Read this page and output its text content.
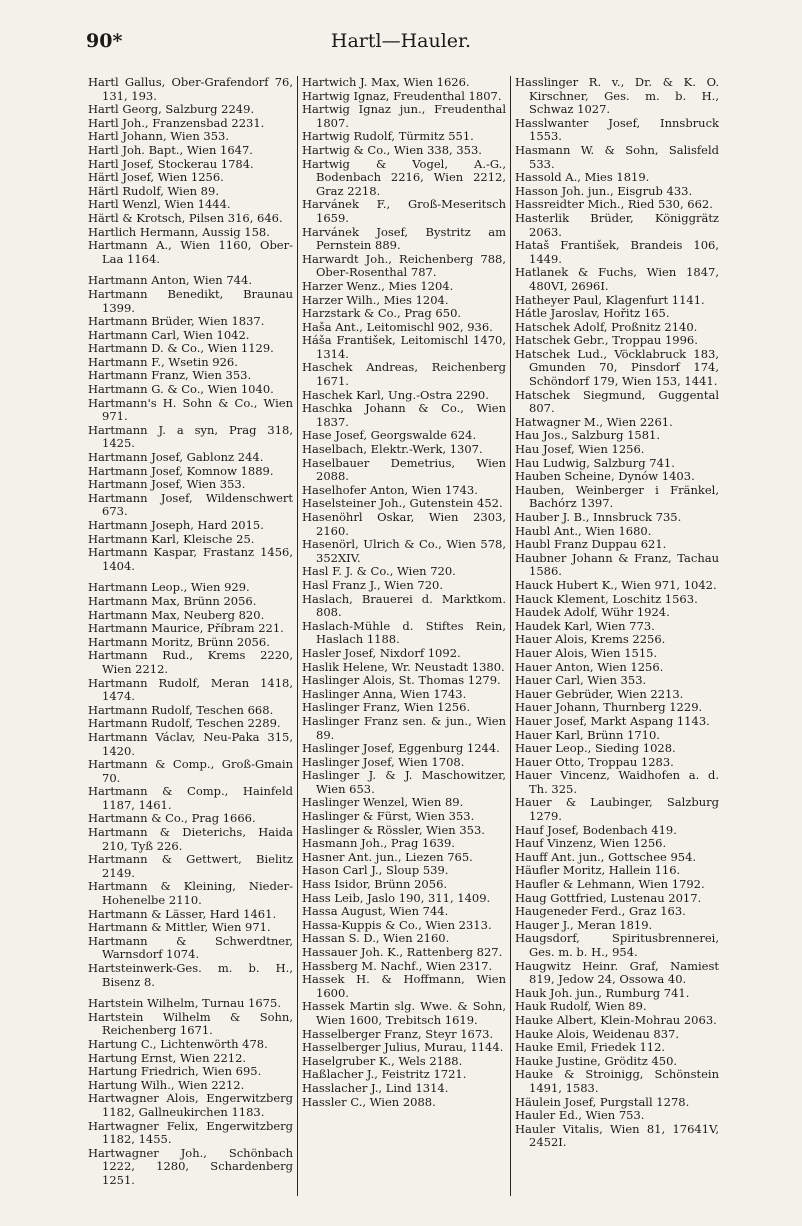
90*	Hartl—Hauler.

Hartl Gallus, Ober-Grafendorf 76, 131, 193.

Hartl Georg, Salzburg 2249.

Hartl Joh., Franzensbad 2231.

Hartl Johann, Wien 353.

Hartl Joh. Bapt., Wien 1647.

Hartl Josef, Stockerau 1784.

Härtl Josef, Wien 1256.

Härtl Rudolf, Wien 89.

Hartl Wenzl, Wien 1444.

Härtl & Krotsch, Pilsen 316, 646.

Hartlich Hermann, Aussig 158.

Hartmann A., Wien 1160, Ober-Laa 1164.

Hartmann Anton, Wien 744.

Hartmann Benedikt, Braunau 1399.

Hartmann Brüder, Wien 1837.

Hartmann Carl, Wien 1042.

Hartmann D. & Co., Wien 1129.

Hartmann F., Wsetin 926.

Hartmann Franz, Wien 353.

Hartmann G. & Co., Wien 1040.

Hartmann's H. Sohn & Co., Wien 971.

Hartmann J. a syn, Prag 318, 1425.

Hartmann Josef, Gablonz 244.

Hartmann Josef, Komnow 1889.

Hartmann Josef, Wien 353.

Hartmann Josef, Wildenschwert 673.

Hartmann Joseph, Hard 2015.

Hartmann Karl, Kleische 25.

Hartmann Kaspar, Frastanz 1456, 1404.

Hartmann Leop., Wien 929.

Hartmann Max, Brünn 2056.

Hartmann Max, Neuberg 820.

Hartmann Maurice, Příbram 221.

Hartmann Moritz, Brünn 2056.

Hartmann Rud., Krems 2220, Wien 2212.

Hartmann Rudolf, Meran 1418, 1474.

Hartmann Rudolf, Teschen 668.

Hartmann Rudolf, Teschen 2289.

Hartmann Václav, Neu-Paka 315, 1420.

Hartmann & Comp., Groß-Gmain 70.

Hartmann & Comp., Hainfeld 1187, 1461.

Hartmann & Co., Prag 1666.

Hartmann & Dieterichs, Haida 210, Tyß 226.

Hartmann & Gettwert, Bielitz 2149.

Hartmann & Kleining, Nieder-Hohenelbe 2110.

Hartmann & Lässer, Hard 1461.

Hartmann & Mittler, Wien 971.

Hartmann & Schwerdtner, Warnsdorf 1074.

Hartsteinwerk-Ges. m. b. H., Bisenz 8.

Hartstein Wilhelm, Turnau 1675.

Hartstein Wilhelm & Sohn, Reichenberg 1671.

Hartung C., Lichtenwörth 478.

Hartung Ernst, Wien 2212.

Hartung Friedrich, Wien 695.

Hartung Wilh., Wien 2212.

Hartwagner Alois, Engerwitzberg 1182, Gallneukirchen 1183.

Hartwagner Felix, Engerwitzberg 1182, 1455.

Hartwagner Joh., Schönbach 1222, 1280, Schardenberg 1251.

Hartwich J. Max, Wien 1626.

Hartwig Ignaz, Freudenthal 1807.

Hartwig Ignaz jun., Freudenthal 1807.

Hartwig Rudolf, Türmitz 551.

Hartwig & Co., Wien 338, 353.

Hartwig & Vogel, A.-G., Bodenbach 2216, Wien 2212, Graz 2218.

Harvánek F., Groß-Meseritsch 1659.

Harvánek Josef, Bystritz am Pernstein 889.

Harwardt Joh., Reichenberg 788, Ober-Rosenthal 787.

Harzer Wenz., Mies 1204.

Harzer Wilh., Mies 1204.

Harzstark & Co., Prag 650.

Haša Ant., Leitomischl 902, 936.

Háša František, Leitomischl 1470, 1314.

Haschek Andreas, Reichenberg 1671.

Haschek Karl, Ung.-Ostra 2290.

Haschka Johann & Co., Wien 1837.

Hase Josef, Georgswalde 624.

Haselbach, Elektr.-Werk, 1307.

Haselbauer Demetrius, Wien 2088.

Haselhofer Anton, Wien 1743.

Haselsteiner Joh., Gutenstein 452.

Hasenöhrl Oskar, Wien 2303, 2160.

Hasenörl, Ulrich & Co., Wien 578, 352XIV.

Hasl F. J. & Co., Wien 720.

Hasl Franz J., Wien 720.

Haslach, Brauerei d. Marktkom. 808.

Haslach-Mühle d. Stiftes Rein, Haslach 1188.

Hasler Josef, Nixdorf 1092.

Haslik Helene, Wr. Neustadt 1380.

Haslinger Alois, St. Thomas 1279.

Haslinger Anna, Wien 1743.

Haslinger Franz, Wien 1256.

Haslinger Franz sen. & jun., Wien 89.

Haslinger Josef, Eggenburg 1244.

Haslinger Josef, Wien 1708.

Haslinger J. & J. Maschowitzer, Wien 653.

Haslinger Wenzel, Wien 89.

Haslinger & Fürst, Wien 353.

Haslinger & Rössler, Wien 353.

Hasmann Joh., Prag 1639.

Hasner Ant. jun., Liezen 765.

Hason Carl J., Sloup 539.

Hass Isidor, Brünn 2056.

Hass Leib, Jaslo 190, 311, 1409.

Hassa August, Wien 744.

Hassa-Kuppis & Co., Wien 2313.

Hassan S. D., Wien 2160.

Hassauer Joh. K., Rattenberg 827.

Hassberg M. Nachf., Wien 2317.

Hassek H. & Hoffmann, Wien 1600.

Hassek Martin slg. Wwe. & Sohn, Wien 1600, Trebitsch 1619.

Hasselberger Franz, Steyr 1673.

Hasselberger Julius, Murau, 1144.

Haselgruber K., Wels 2188.

Haßlacher J., Feistritz 1721.

Hasslacher J., Lind 1314.

Hassler C., Wien 2088.

Hasslinger R. v., Dr. & K. O. Kirschner, Ges. m. b. H., Schwaz 1027.

Hasslwanter Josef, Innsbruck 1553.

Hasmann W. & Sohn, Salisfeld 533.

Hassold A., Mies 1819.

Hasson Joh. jun., Eisgrub 433.

Hassreidter Mich., Ried 530, 662.

Hasterlik Brüder, Königgrätz 2063.

Hataš František, Brandeis 106, 1449.

Hatlanek & Fuchs, Wien 1847, 480VI, 2696I.

Hatheyer Paul, Klagenfurt 1141.

Hátle Jaroslav, Hořitz 165.

Hatschek Adolf, Proßnitz 2140.

Hatschek Gebr., Troppau 1996.

Hatschek Lud., Vöcklabruck 183, Gmunden 70, Pinsdorf 174, Schöndorf 179, Wien 153, 1441.

Hatschek Siegmund, Guggental 807.

Hatwagner M., Wien 2261.

Hau Jos., Salzburg 1581.

Hau Josef, Wien 1256.

Hau Ludwig, Salzburg 741.

Hauben Scheine, Dynów 1403.

Hauben, Weinberger i Fränkel, Bachórz 1397.

Hauber J. B., Innsbruck 735.

Haubl Ant., Wien 1680.

Haubl Franz Duppau 621.

Haubner Johann & Franz, Tachau 1586.

Hauck Hubert K., Wien 971, 1042.

Hauck Klement, Loschitz 1563.

Haudek Adolf, Wühr 1924.

Haudek Karl, Wien 773.

Hauer Alois, Krems 2256.

Hauer Alois, Wien 1515.

Hauer Anton, Wien 1256.

Hauer Carl, Wien 353.

Hauer Gebrüder, Wien 2213.

Hauer Johann, Thurnberg 1229.

Hauer Josef, Markt Aspang 1143.

Hauer Karl, Brünn 1710.

Hauer Leop., Sieding 1028.

Hauer Otto, Troppau 1283.

Hauer Vincenz, Waidhofen a. d. Th. 325.

Hauer & Laubinger, Salzburg 1279.

Hauf Josef, Bodenbach 419.

Hauf Vinzenz, Wien 1256.

Hauff Ant. jun., Gottschee 954.

Häufler Moritz, Hallein 116.

Haufler & Lehmann, Wien 1792.

Haug Gottfried, Lustenau 2017.

Haugeneder Ferd., Graz 163.

Hauger J., Meran 1819.

Haugsdorf, Spiritusbrennerei, Ges. m. b. H., 954.

Haugwitz Heinr. Graf, Namiest 819, Jedow 24, Ossowa 40.

Hauk Joh. jun., Rumburg 741.

Hauk Rudolf, Wien 89.

Hauke Albert, Klein-Mohrau 2063.

Hauke Alois, Weidenau 837.

Hauke Emil, Friedek 112.

Hauke Justine, Gröditz 450.

Hauke & Stroinigg, Schönstein 1491, 1583.

Häulein Josef, Purgstall 1278.

Hauler Ed., Wien 753.

Hauler Vitalis, Wien 81, 17641V, 2452I.
